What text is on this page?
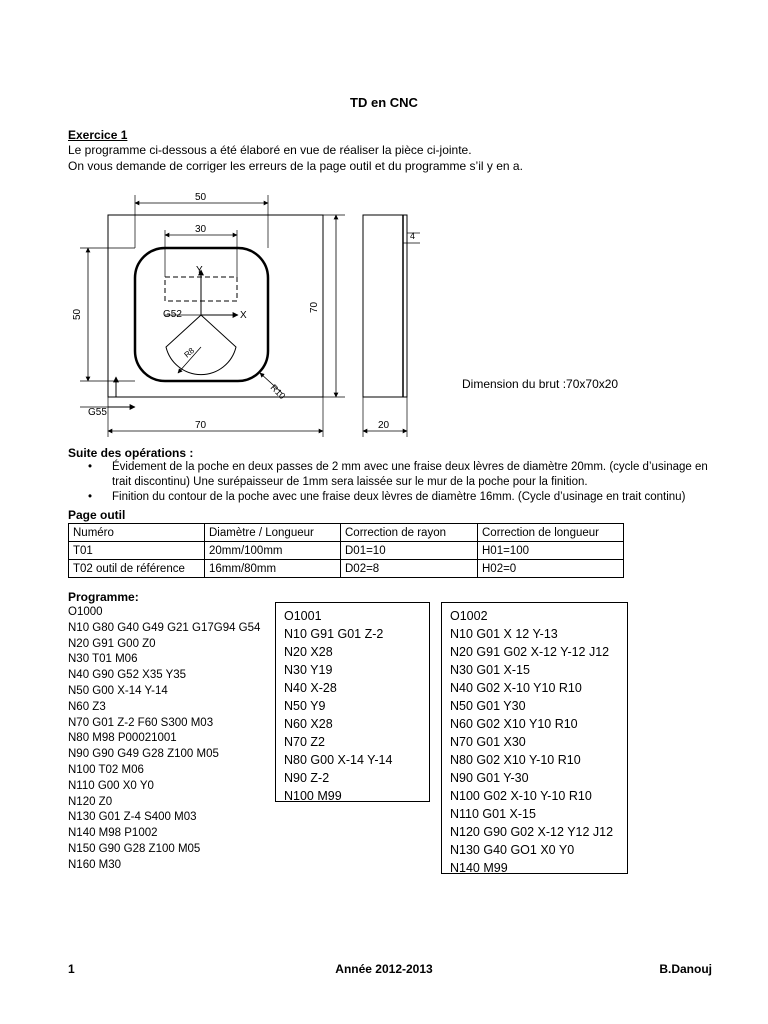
TD en CNC
Exercice 1
Le programme ci-dessous a été élaboré en vue de réaliser la pièce ci-jointe.
On vous demande de corriger les erreurs de la page outil et du programme s’il y en a.
50
30
50
70
70
4
20
G52
G55
Y
X
R10
R8
Dimension du brut :70x70x20
Suite des opérations :
• Évidement de la poche en deux passes de 2 mm avec une fraise deux lèvres de diamètre 20mm. (cycle d’usinage en trait discontinu) Une surépaisseur de 1mm sera laissée sur le mur de la poche pour la finition.
• Finition du contour de la poche avec une fraise deux lèvres de diamètre 16mm. (Cycle d’usinage en trait continu)
Page outil
Numéro	Diamètre / Longueur	Correction de rayon	Correction de longueur
T01	20mm/100mm	D01=10	H01=100
T02 outil de référence	16mm/80mm	D02=8	H02=0
Programme:
O1000
N10 G80 G40 G49 G21 G17G94 G54
N20 G91 G00 Z0
N30 T01 M06
N40 G90 G52 X35 Y35
N50 G00 X-14 Y-14
N60 Z3
N70 G01 Z-2 F60 S300 M03
N80 M98 P00021001
N90 G90 G49 G28 Z100 M05
N100 T02 M06
N110 G00 X0 Y0
N120 Z0
N130 G01 Z-4 S400 M03
N140 M98 P1002
N150 G90 G28 Z100 M05
N160 M30
O1001
N10 G91 G01 Z-2
N20 X28
N30 Y19
N40 X-28
N50 Y9
N60 X28
N70 Z2
N80 G00 X-14 Y-14
N90 Z-2
N100 M99
O1002
N10 G01 X 12 Y-13
N20 G91 G02 X-12 Y-12 J12
N30 G01 X-15
N40 G02 X-10 Y10 R10
N50 G01 Y30
N60 G02 X10 Y10 R10
N70 G01 X30
N80 G02 X10 Y-10 R10
N90 G01 Y-30
N100 G02 X-10 Y-10 R10
N110 G01 X-15
N120 G90 G02 X-12 Y12 J12
N130 G40 GO1 X0 Y0
N140 M99
1	Année 2012-2013	B.Danouj
